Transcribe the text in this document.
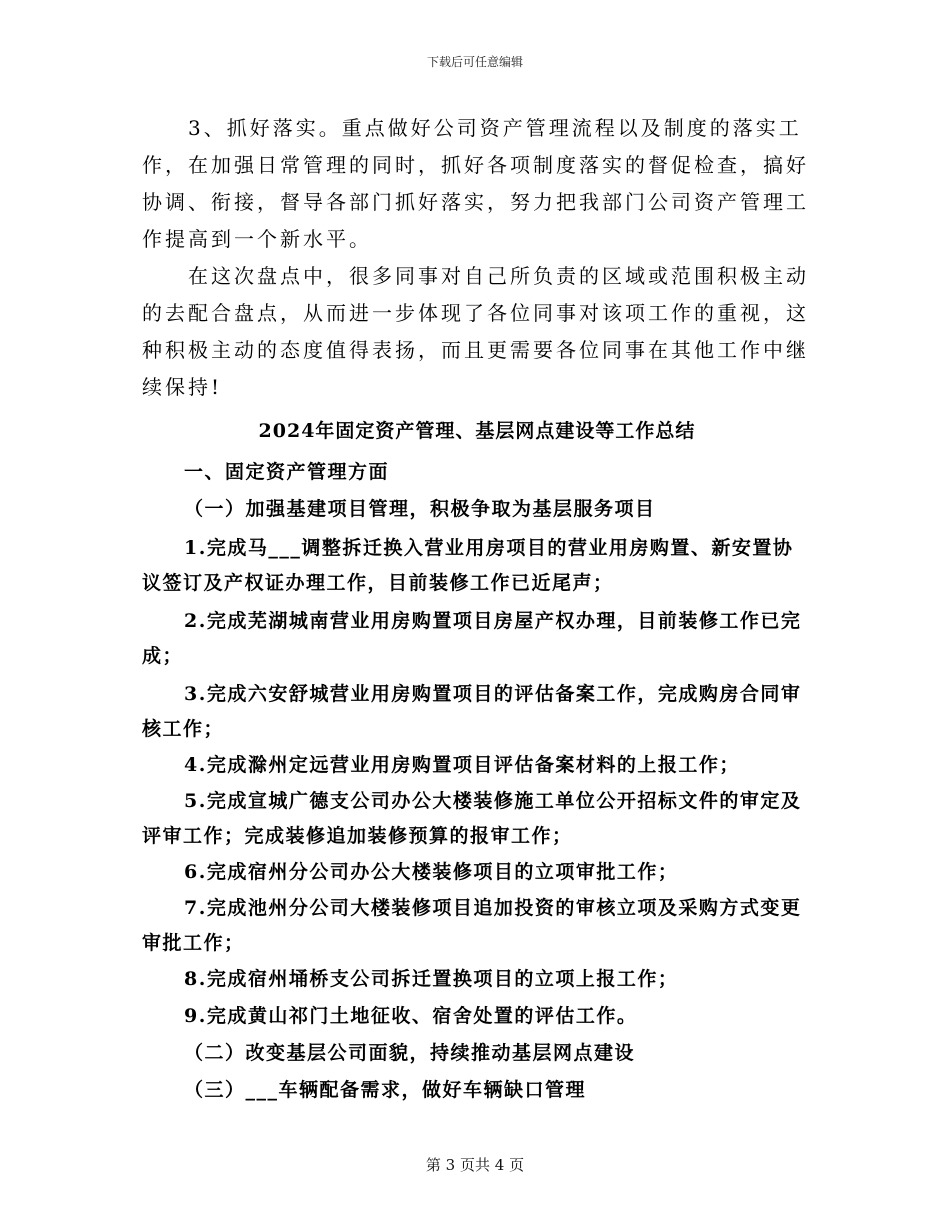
下载后可任意编辑

3、抓好落实。重点做好公司资产管理流程以及制度的落实工作，在加强日常管理的同时，抓好各项制度落实的督促检查，搞好协调、衔接，督导各部门抓好落实，努力把我部门公司资产管理工作提高到一个新水平。

在这次盘点中，很多同事对自己所负责的区域或范围积极主动的去配合盘点，从而进一步体现了各位同事对该项工作的重视，这种积极主动的态度值得表扬，而且更需要各位同事在其他工作中继续保持!

2024年固定资产管理、基层网点建设等工作总结

一、固定资产管理方面

（一）加强基建项目管理，积极争取为基层服务项目

1.完成马___调整拆迁换入营业用房项目的营业用房购置、新安置协议签订及产权证办理工作，目前装修工作已近尾声；

2.完成芜湖城南营业用房购置项目房屋产权办理，目前装修工作已完成；

3.完成六安舒城营业用房购置项目的评估备案工作，完成购房合同审核工作；

4.完成滁州定远营业用房购置项目评估备案材料的上报工作；

5.完成宣城广德支公司办公大楼装修施工单位公开招标文件的审定及评审工作；完成装修追加装修预算的报审工作；

6.完成宿州分公司办公大楼装修项目的立项审批工作；

7.完成池州分公司大楼装修项目追加投资的审核立项及采购方式变更审批工作；

8.完成宿州埇桥支公司拆迁置换项目的立项上报工作；

9.完成黄山祁门土地征收、宿舍处置的评估工作。

（二）改变基层公司面貌，持续推动基层网点建设

（三）___车辆配备需求，做好车辆缺口管理

第 3 页共 4 页
